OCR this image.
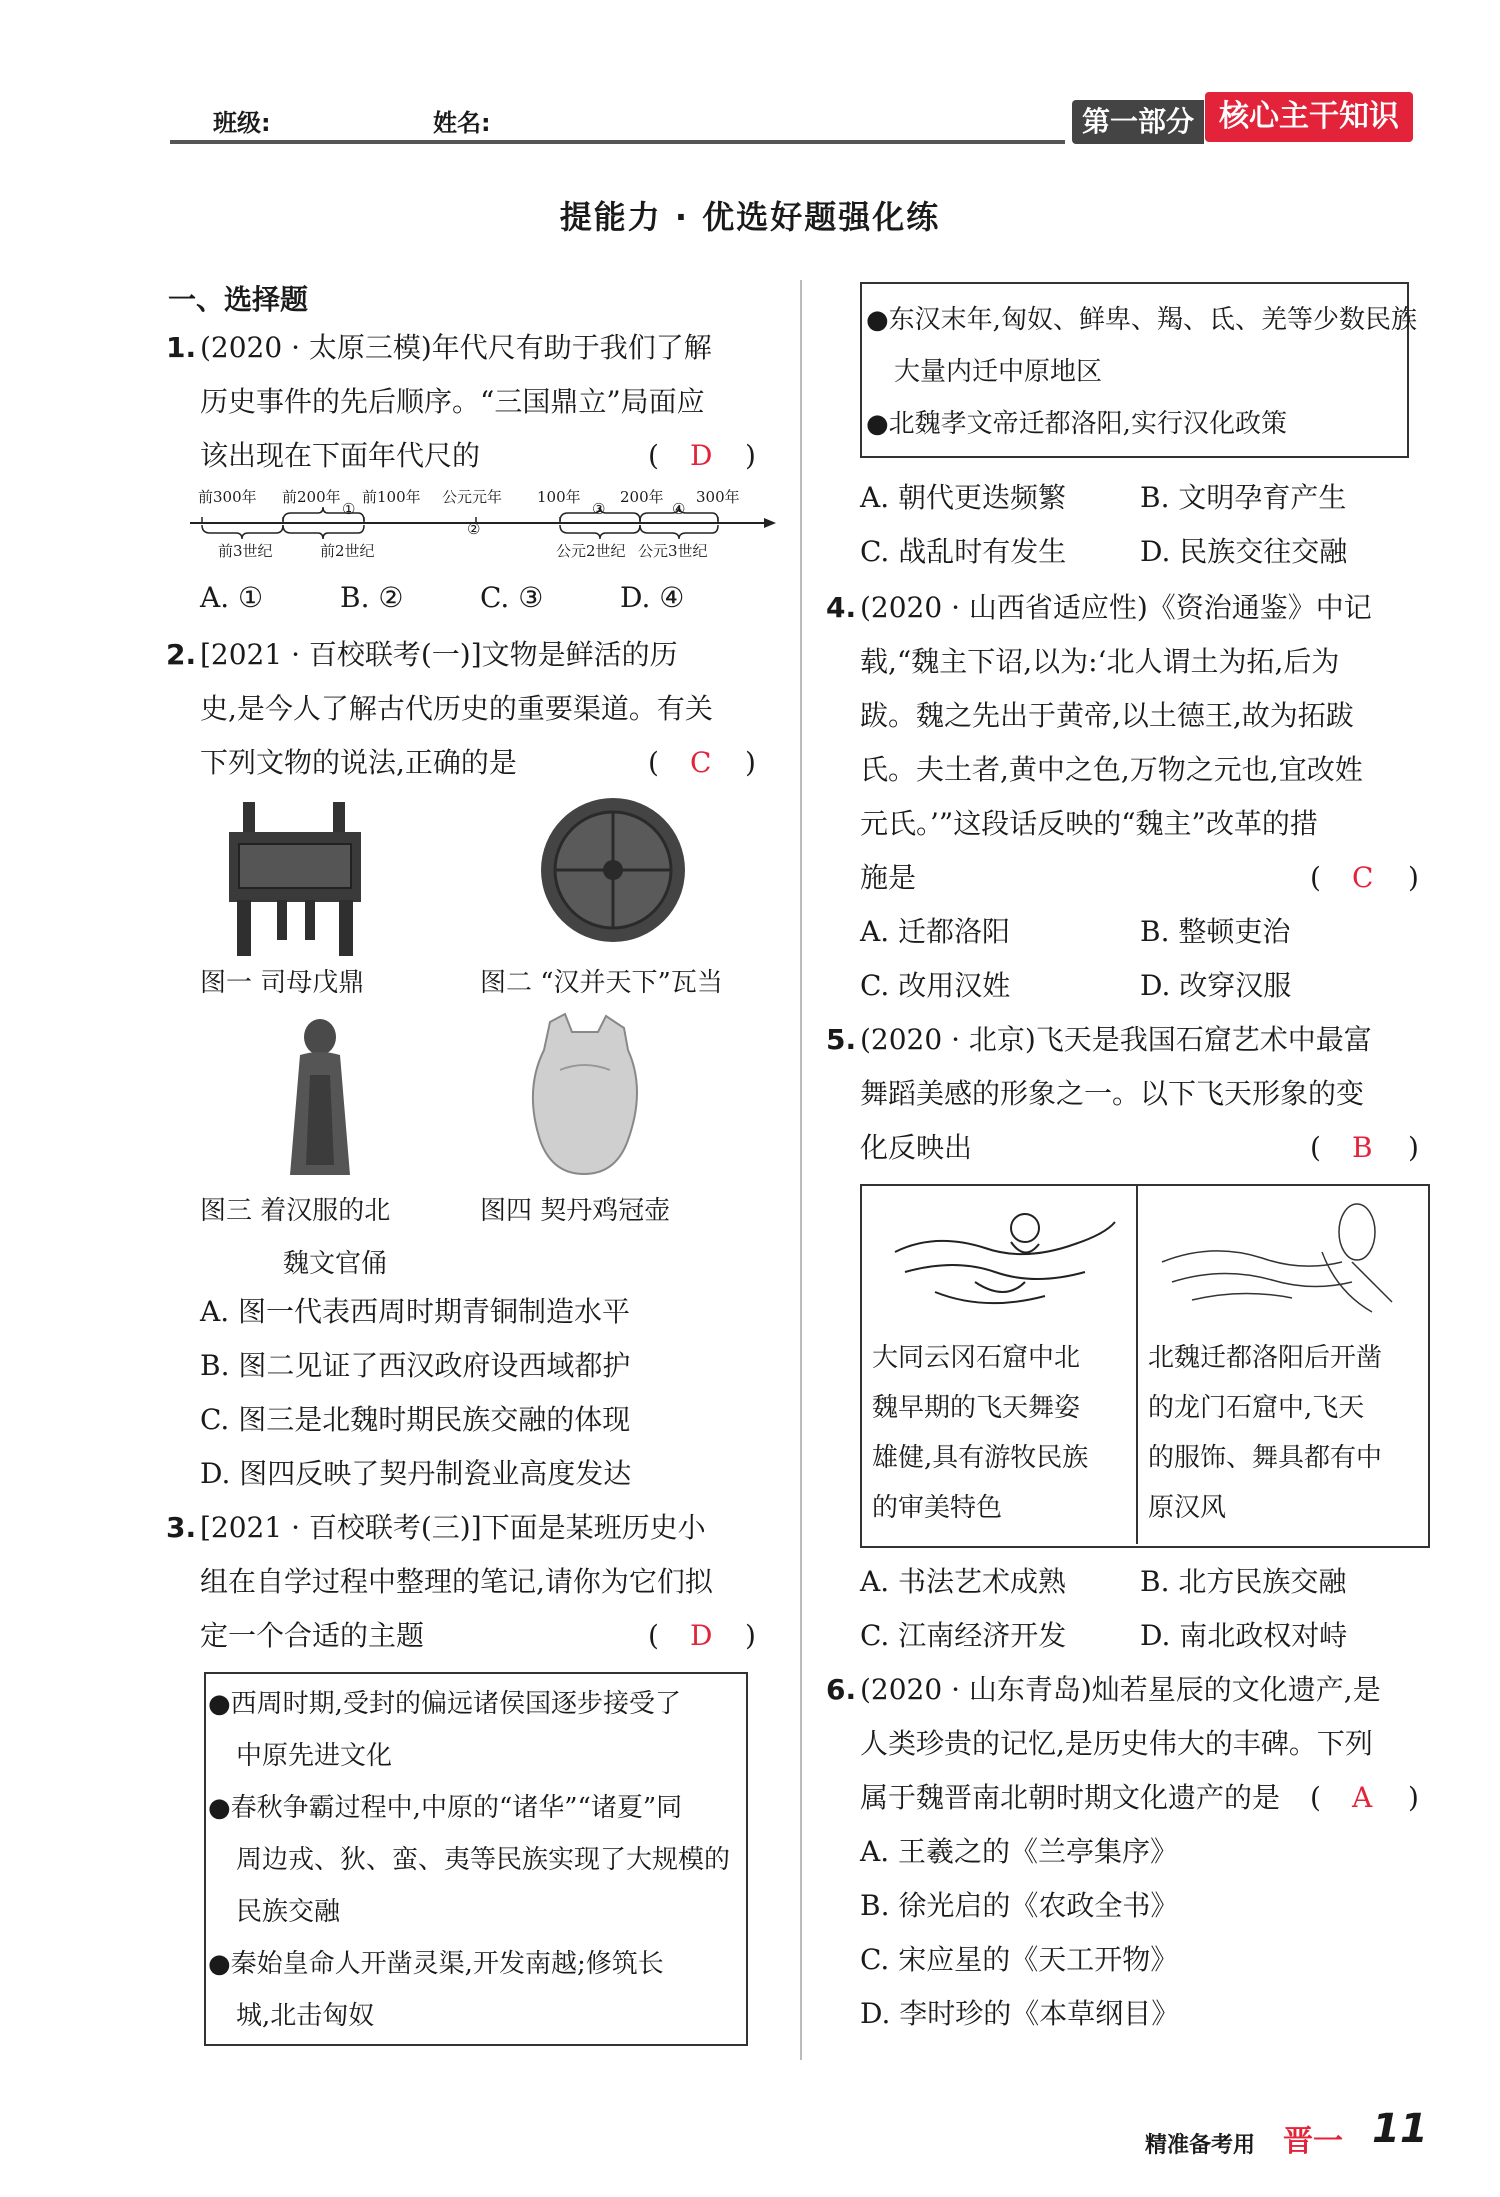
班级:	姓名:	第一部分 核心主干知识
提能力 · 优选好题强化练
一、选择题
1. (2020 · 太原三模)年代尺有助于我们了解
历史事件的先后顺序。“三国鼎立”局面应
该出现在下面年代尺的	( D )
前300年 前200年 前100年 公元元年 100年	200年 300年
①
②
③	④
前3世纪	前2世纪	公元2世纪 公元3世纪
A. ①	B. ②	C. ③	D. ④
2. [2021 · 百校联考(一)]文物是鲜活的历
史,是今人了解古代历史的重要渠道。有关
下列文物的说法,正确的是	( C )
图一 司母戊鼎	图二 “汉并天下”瓦当
图三 着汉服的北
魏文官俑
图四 契丹鸡冠壶
A. 图一代表西周时期青铜制造水平
B. 图二见证了西汉政府设西域都护
C. 图三是北魏时期民族交融的体现
D. 图四反映了契丹制瓷业高度发达
3. [2021 · 百校联考(三)]下面是某班历史小
组在自学过程中整理的笔记,请你为它们拟
定一个合适的主题	( D )
●西周时期,受封的偏远诸侯国逐步接受了
中原先进文化
●春秋争霸过程中,中原的“诸华”“诸夏”同
周边戎、狄、蛮、夷等民族实现了大规模的
民族交融
●秦始皇命人开凿灵渠,开发南越;修筑长
城,北击匈奴
●东汉末年,匈奴、鲜卑、羯、氐、羌等少数民族
大量内迁中原地区
●北魏孝文帝迁都洛阳,实行汉化政策
A. 朝代更迭频繁	B. 文明孕育产生
C. 战乱时有发生	D. 民族交往交融
4. (2020 · 山西省适应性)《资治通鉴》中记
载,“魏主下诏,以为:‘北人谓土为拓,后为
跋。魏之先出于黄帝,以土德王,故为拓跋
氏。夫土者,黄中之色,万物之元也,宜改姓
元氏。’”这段话反映的“魏主”改革的措
施是	( C )
A. 迁都洛阳	B. 整顿吏治
C. 改用汉姓	D. 改穿汉服
5. (2020 · 北京)飞天是我国石窟艺术中最富
舞蹈美感的形象之一。以下飞天形象的变
化反映出	( B )
大同云冈石窟中北
魏早期的飞天舞姿
雄健,具有游牧民族
的审美特色
北魏迁都洛阳后开凿
的龙门石窟中,飞天
的服饰、舞具都有中
原汉风
A. 书法艺术成熟	B. 北方民族交融
C. 江南经济开发	D. 南北政权对峙
6. (2020 · 山东青岛)灿若星辰的文化遗产,是
人类珍贵的记忆,是历史伟大的丰碑。下列
属于魏晋南北朝时期文化遗产的是 ( A )
A. 王羲之的《兰亭集序》
B. 徐光启的《农政全书》
C. 宋应星的《天工开物》
D. 李时珍的《本草纲目》
精准备考用 晋一 11
